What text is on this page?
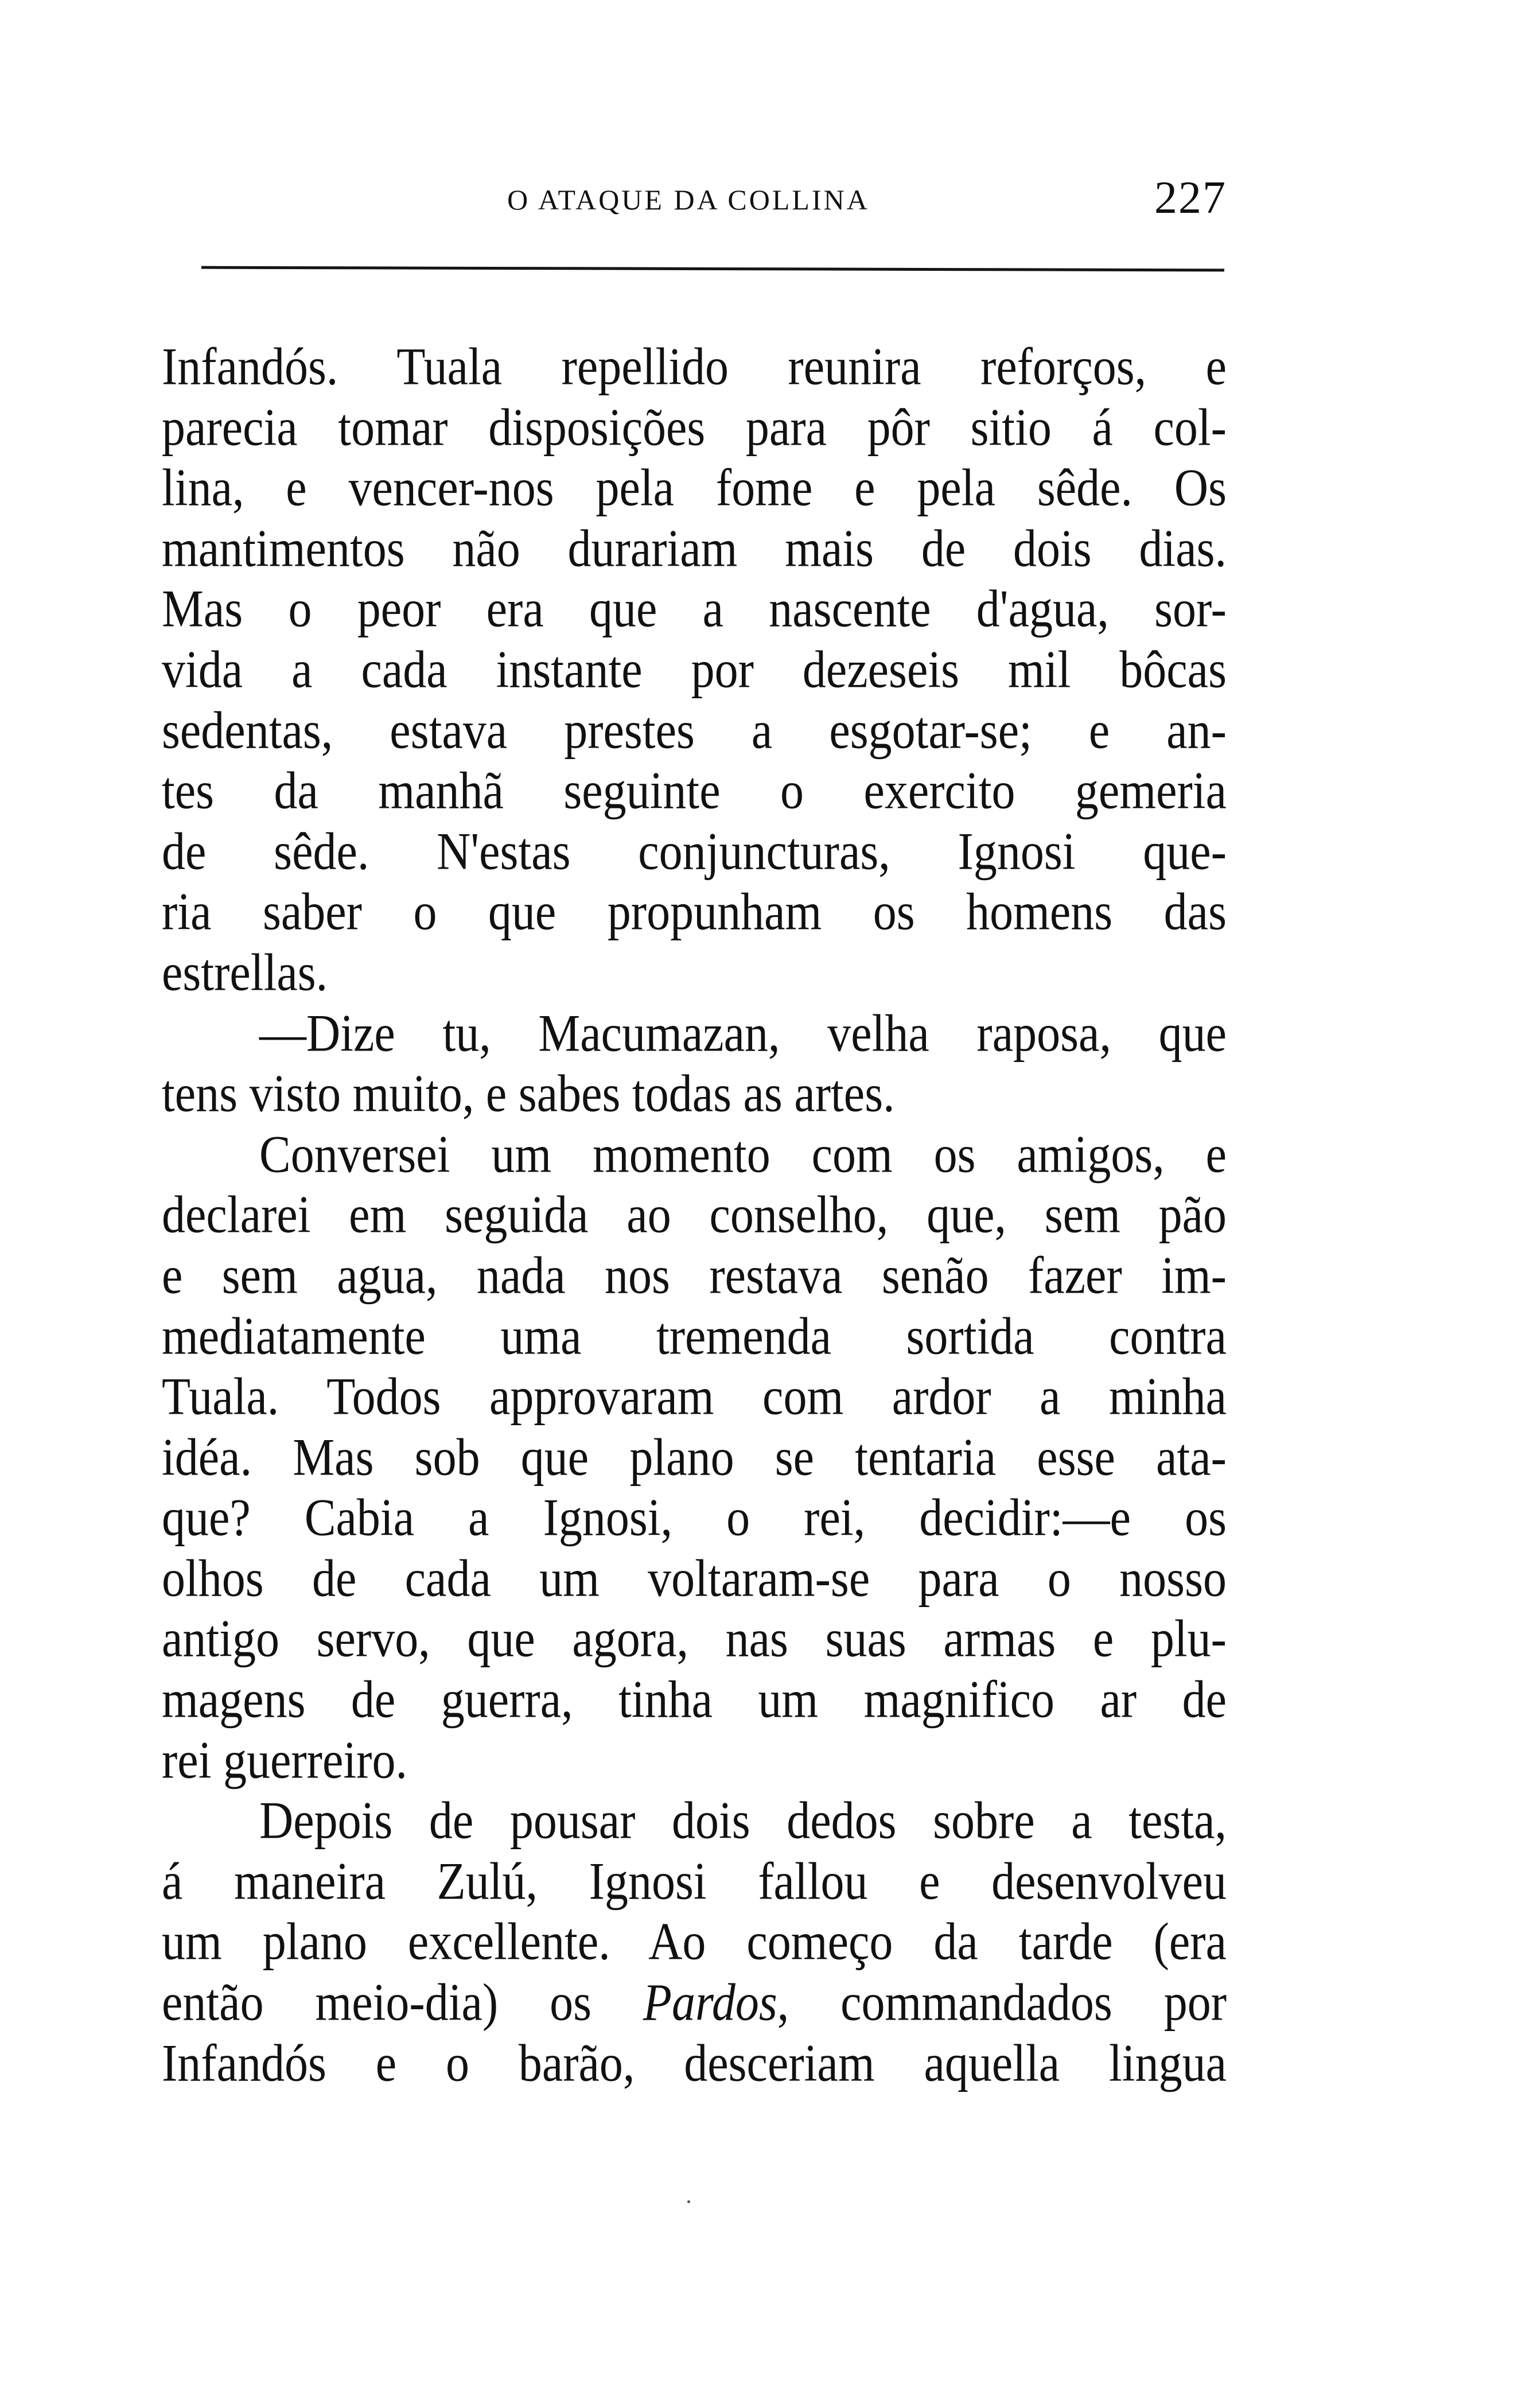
O ATAQUE DA COLLINA	227
Infandós. Tuala repellido reunira reforços, e
parecia tomar disposições para pôr sitio á col-
lina, e vencer-nos pela fome e pela sêde. Os
mantimentos não durariam mais de dois dias.
Mas o peor era que a nascente d'agua, sor-
vida a cada instante por dezeseis mil bôcas
sedentas, estava prestes a esgotar-se; e an-
tes da manhã seguinte o exercito gemeria
de sêde. N'estas conjuncturas, Ignosi que-
ria saber o que propunham os homens das
estrellas.
—Dize tu, Macumazan, velha raposa, que
tens visto muito, e sabes todas as artes.
Conversei um momento com os amigos, e
declarei em seguida ao conselho, que, sem pão
e sem agua, nada nos restava senão fazer im-
mediatamente uma tremenda sortida contra
Tuala. Todos approvaram com ardor a minha
idéa. Mas sob que plano se tentaria esse ata-
que? Cabia a Ignosi, o rei, decidir:—e os
olhos de cada um voltaram-se para o nosso
antigo servo, que agora, nas suas armas e plu-
magens de guerra, tinha um magnifico ar de
rei guerreiro.
Depois de pousar dois dedos sobre a testa,
á maneira Zulú, Ignosi fallou e desenvolveu
um plano excellente. Ao começo da tarde (era
então meio-dia) os Pardos, commandados por
Infandós e o barão, desceriam aquella lingua
